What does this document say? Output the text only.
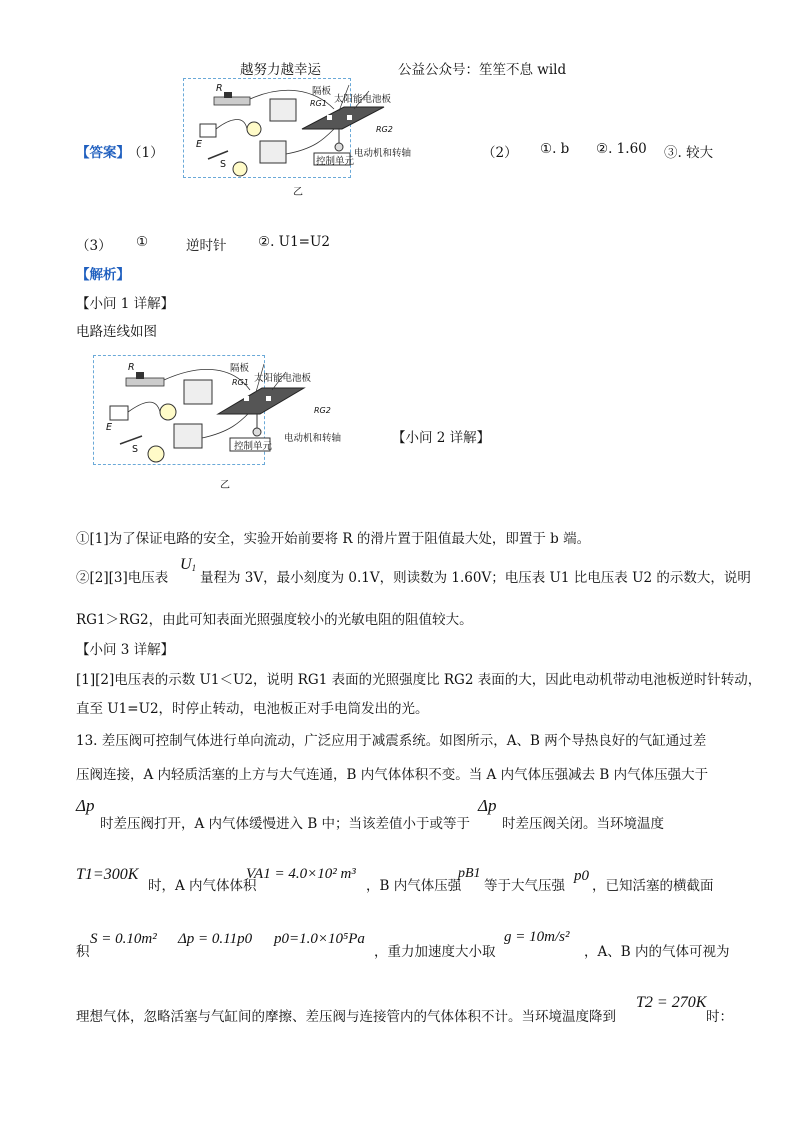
越努力越幸运	公益公众号：笙笙不息 wild
R
E
S
隔板
太阳能电池板
RG1
RG2
控制单元
电动机和转轴
乙
【答案】
（1）	（2） ①. b ②. 1.60 ③. 较大
（3） ①	逆时针 ②. U1=U2
【解析】
【小问 1 详解】
电路连线如图
R
E
S
隔板
太阳能电池板
RG1
RG2
控制单元
电动机和转轴
乙
【小问 2 详解】
①[1]为了保证电路的安全，实验开始前要将 R 的滑片置于阻值最大处，即置于 b 端。
②[2][3]电压表
$U_1$
量程为 3V，最小刻度为 0.1V，则读数为 1.60V；电压表 U1 比电压表 U2 的示数大，说明
RG1＞RG2，由此可知表面光照强度较小的光敏电阻的阻值较大。
【小问 3 详解】
[1][2]电压表的示数 U1＜U2，说明 RG1 表面的光照强度比 RG2 表面的大，因此电动机带动电池板逆时针转动，
直至 U1=U2，时停止转动，电池板正对手电筒发出的光。
13. 差压阀可控制气体进行单向流动，广泛应用于减震系统。如图所示，A、B 两个导热良好的气缸通过差
压阀连接，A 内轻质活塞的上方与大气连通，B 内气体体积不变。当 A 内气体压强减去 B 内气体压强大于
Δp
时差压阀打开，A 内气体缓慢进入 B 中；当该差值小于或等于
Δp
时差压阀关闭。当环境温度
T1=300K
时，A 内气体体积
VA1 = 4.0×10² m³
，B 内气体压强
pB1
等于大气压强
p0
，已知活塞的横截面
积
S = 0.10m² Δp = 0.11p0 p0=1.0×10⁵Pa
，重力加速度大小取
g = 10m/s²
，A、B 内的气体可视为
理想气体，忽略活塞与气缸间的摩擦、差压阀与连接管内的气体体积不计。当环境温度降到
T2 = 270K
时：
